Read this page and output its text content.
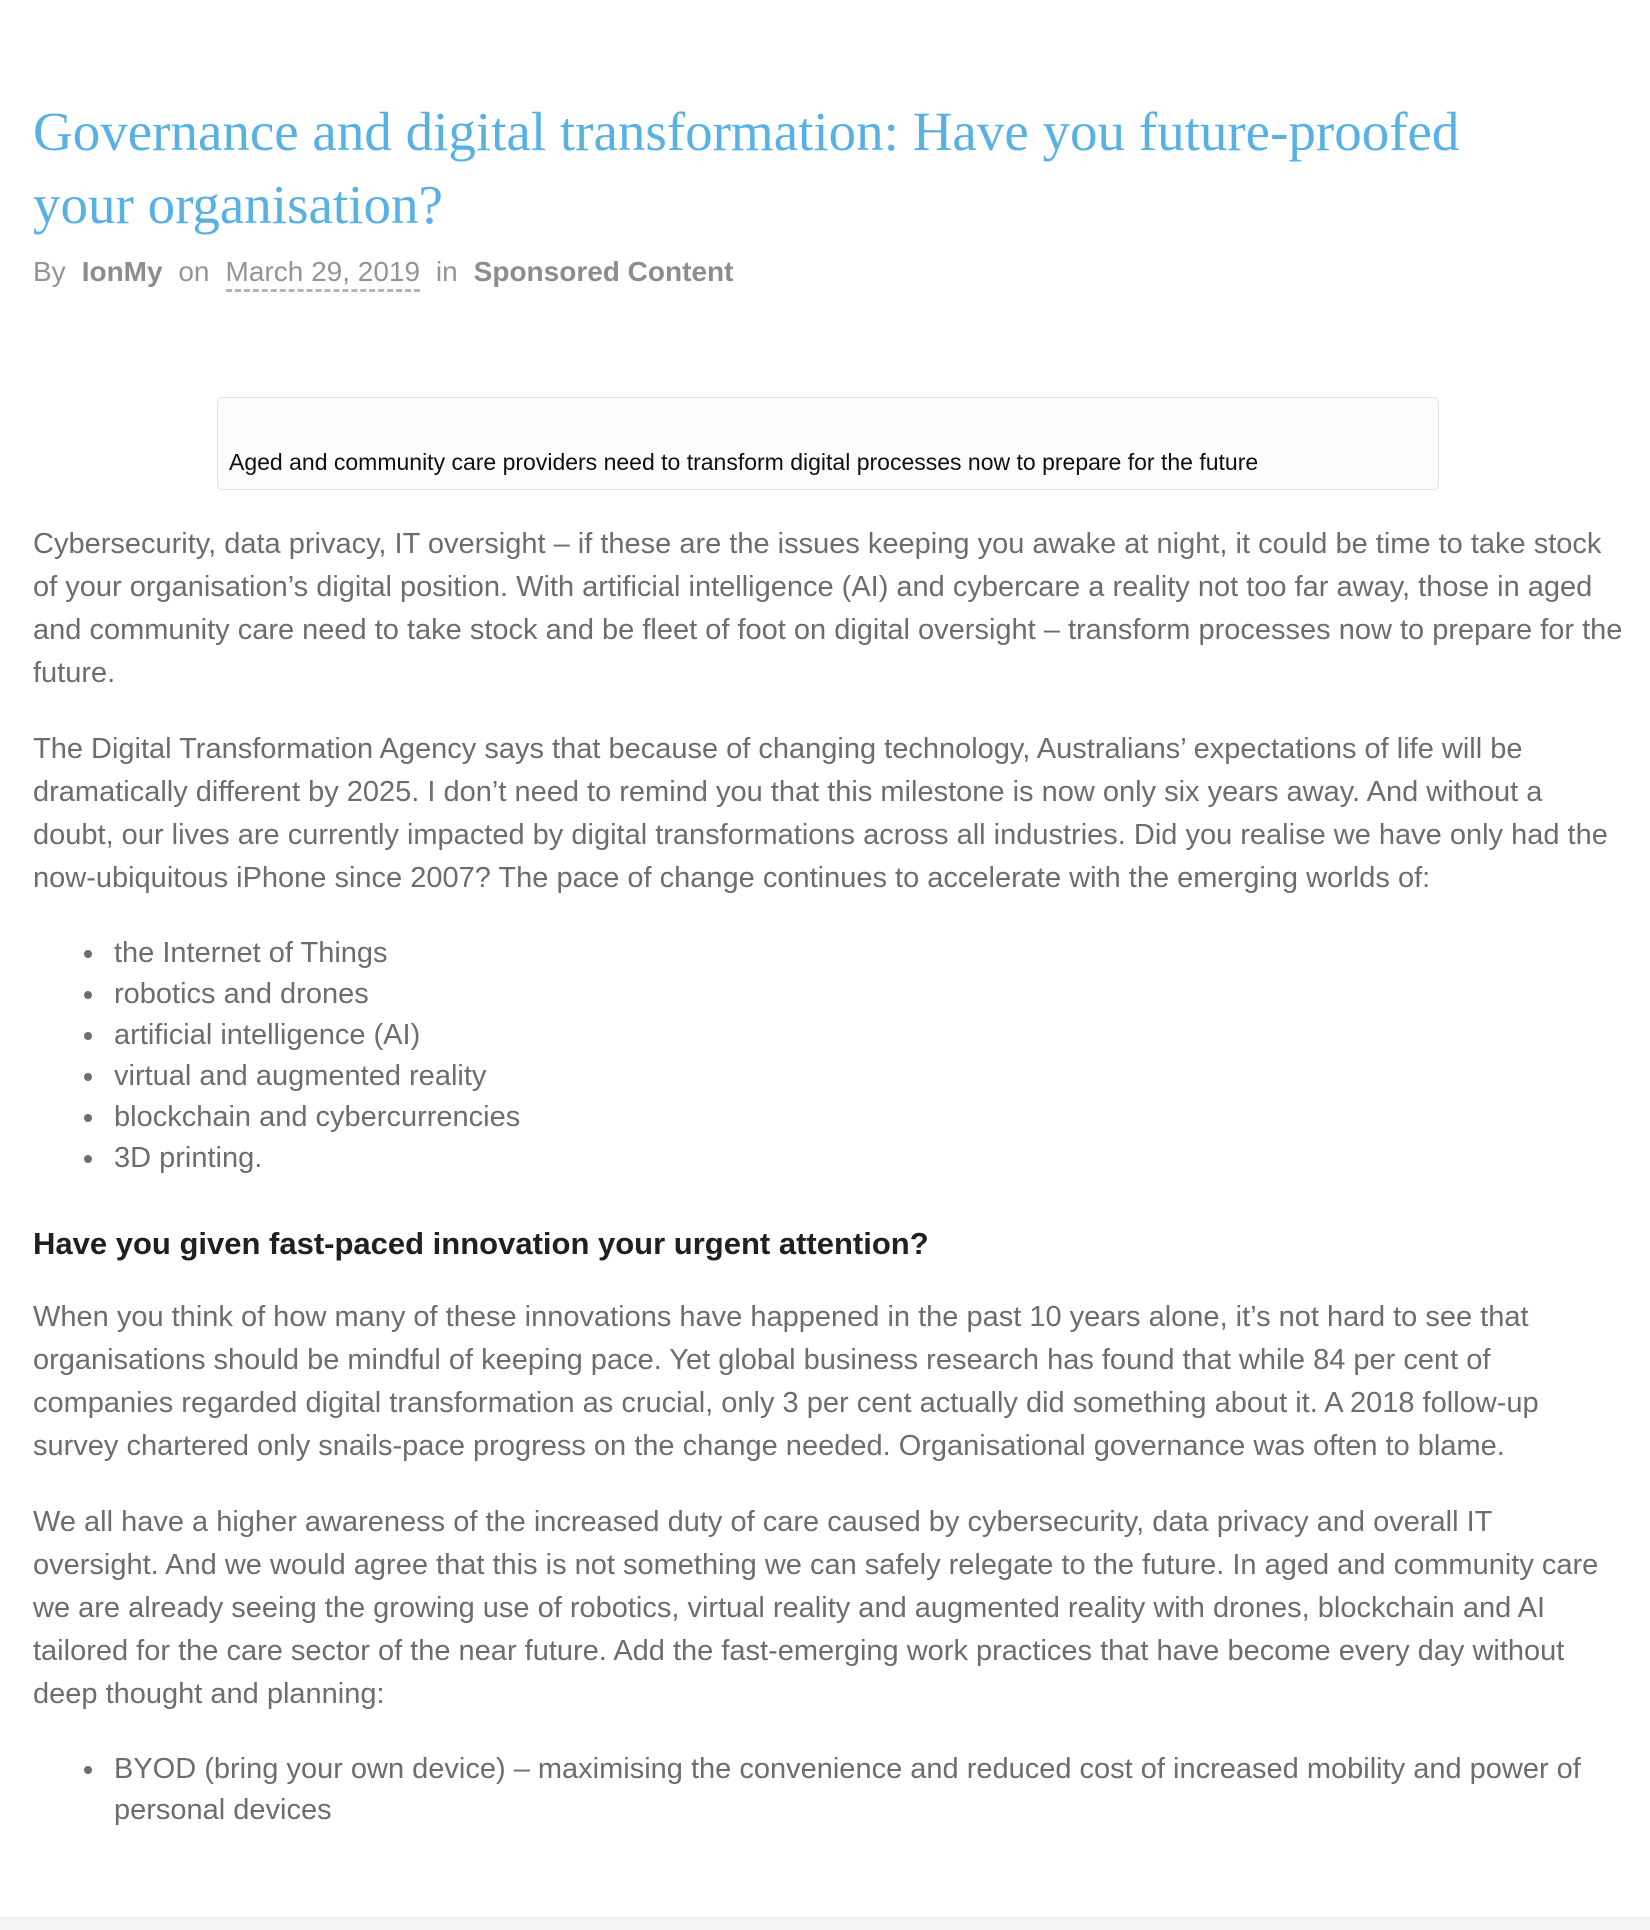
Governance and digital transformation: Have you future-proofed your organisation?
By IonMy on March 29, 2019 in Sponsored Content
Aged and community care providers need to transform digital processes now to prepare for the future

Cybersecurity, data privacy, IT oversight – if these are the issues keeping you awake at night, it could be time to take stock of your organisation’s digital position. With artificial intelligence (AI) and cybercare a reality not too far away, those in aged and community care need to take stock and be fleet of foot on digital oversight – transform processes now to prepare for the future.

The Digital Transformation Agency says that because of changing technology, Australians’ expectations of life will be dramatically different by 2025. I don’t need to remind you that this milestone is now only six years away. And without a doubt, our lives are currently impacted by digital transformations across all industries. Did you realise we have only had the now-ubiquitous iPhone since 2007? The pace of change continues to accelerate with the emerging worlds of:

• the Internet of Things
• robotics and drones
• artificial intelligence (AI)
• virtual and augmented reality
• blockchain and cybercurrencies
• 3D printing.
Have you given fast-paced innovation your urgent attention?

When you think of how many of these innovations have happened in the past 10 years alone, it’s not hard to see that organisations should be mindful of keeping pace. Yet global business research has found that while 84 per cent of companies regarded digital transformation as crucial, only 3 per cent actually did something about it. A 2018 follow-up survey chartered only snails-pace progress on the change needed. Organisational governance was often to blame.

We all have a higher awareness of the increased duty of care caused by cybersecurity, data privacy and overall IT oversight. And we would agree that this is not something we can safely relegate to the future. In aged and community care we are already seeing the growing use of robotics, virtual reality and augmented reality with drones, blockchain and AI tailored for the care sector of the near future. Add the fast-emerging work practices that have become every day without deep thought and planning:

• BYOD (bring your own device) – maximising the convenience and reduced cost of increased mobility and power of personal devices
